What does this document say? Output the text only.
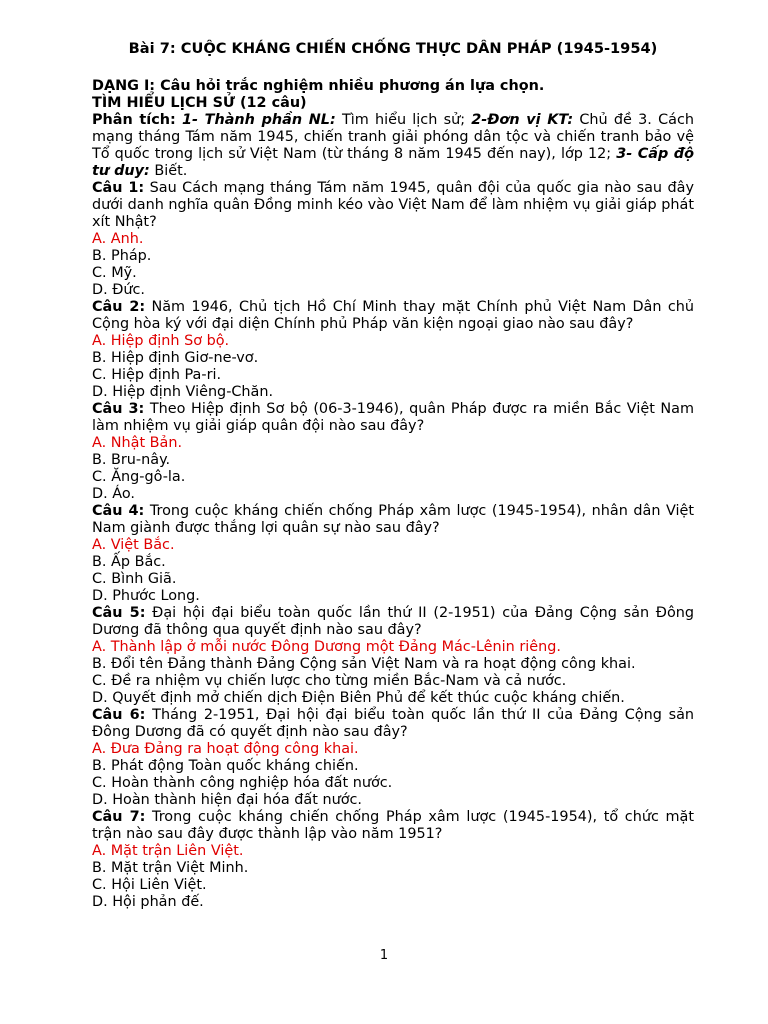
Bài 7: CUỘC KHÁNG CHIẾN CHỐNG THỰC DÂN PHÁP (1945-1954)
DẠNG I: Câu hỏi trắc nghiệm nhiều phương án lựa chọn.
TÌM HIỂU LỊCH SỬ (12 câu)
Phân tích: 1- Thành phần NL: Tìm hiểu lịch sử; 2-Đơn vị KT: Chủ đề 3. Cách mạng tháng Tám năm 1945, chiến tranh giải phóng dân tộc và chiến tranh bảo vệ Tổ quốc trong lịch sử Việt Nam (từ tháng 8 năm 1945 đến nay), lớp 12; 3- Cấp độ tư duy: Biết.
Câu 1: Sau Cách mạng tháng Tám năm 1945, quân đội của quốc gia nào sau đây dưới danh nghĩa quân Đồng minh kéo vào Việt Nam để làm nhiệm vụ giải giáp phát xít Nhật?
A. Anh.
B. Pháp.
C. Mỹ.
D. Đức.
Câu 2: Năm 1946, Chủ tịch Hồ Chí Minh thay mặt Chính phủ Việt Nam Dân chủ Cộng hòa ký với đại diện Chính phủ Pháp văn kiện ngoại giao nào sau đây?
A. Hiệp định Sơ bộ.
B. Hiệp định Giơ-ne-vơ.
C. Hiệp định Pa-ri.
D. Hiệp định Viêng-Chăn.
Câu 3: Theo Hiệp định Sơ bộ (06-3-1946), quân Pháp được ra miền Bắc Việt Nam làm nhiệm vụ giải giáp quân đội nào sau đây?
A. Nhật Bản.
B. Bru-nây.
C. Ăng-gô-la.
D. Áo.
Câu 4: Trong cuộc kháng chiến chống Pháp xâm lược (1945-1954), nhân dân Việt Nam giành được thắng lợi quân sự nào sau đây?
A. Việt Bắc.
B. Ấp Bắc.
C. Bình Giã.
D. Phước Long.
Câu 5: Đại hội đại biểu toàn quốc lần thứ II (2-1951) của Đảng Cộng sản Đông Dương đã thông qua quyết định nào sau đây?
A. Thành lập ở mỗi nước Đông Dương một Đảng Mác-Lênin riêng.
B. Đổi tên Đảng thành Đảng Cộng sản Việt Nam và ra hoạt động công khai.
C. Đề ra nhiệm vụ chiến lược cho từng miền Bắc-Nam và cả nước.
D. Quyết định mở chiến dịch Điện Biên Phủ để kết thúc cuộc kháng chiến.
Câu 6: Tháng 2-1951, Đại hội đại biểu toàn quốc lần thứ II của Đảng Cộng sản Đông Dương đã có quyết định nào sau đây?
A. Đưa Đảng ra hoạt động công khai.
B. Phát động Toàn quốc kháng chiến.
C. Hoàn thành công nghiệp hóa đất nước.
D. Hoàn thành hiện đại hóa đất nước.
Câu 7: Trong cuộc kháng chiến chống Pháp xâm lược (1945-1954), tổ chức mặt trận nào sau đây được thành lập vào năm 1951?
A. Mặt trận Liên Việt.
B. Mặt trận Việt Minh.
C. Hội Liên Việt.
D. Hội phản đế.
1
